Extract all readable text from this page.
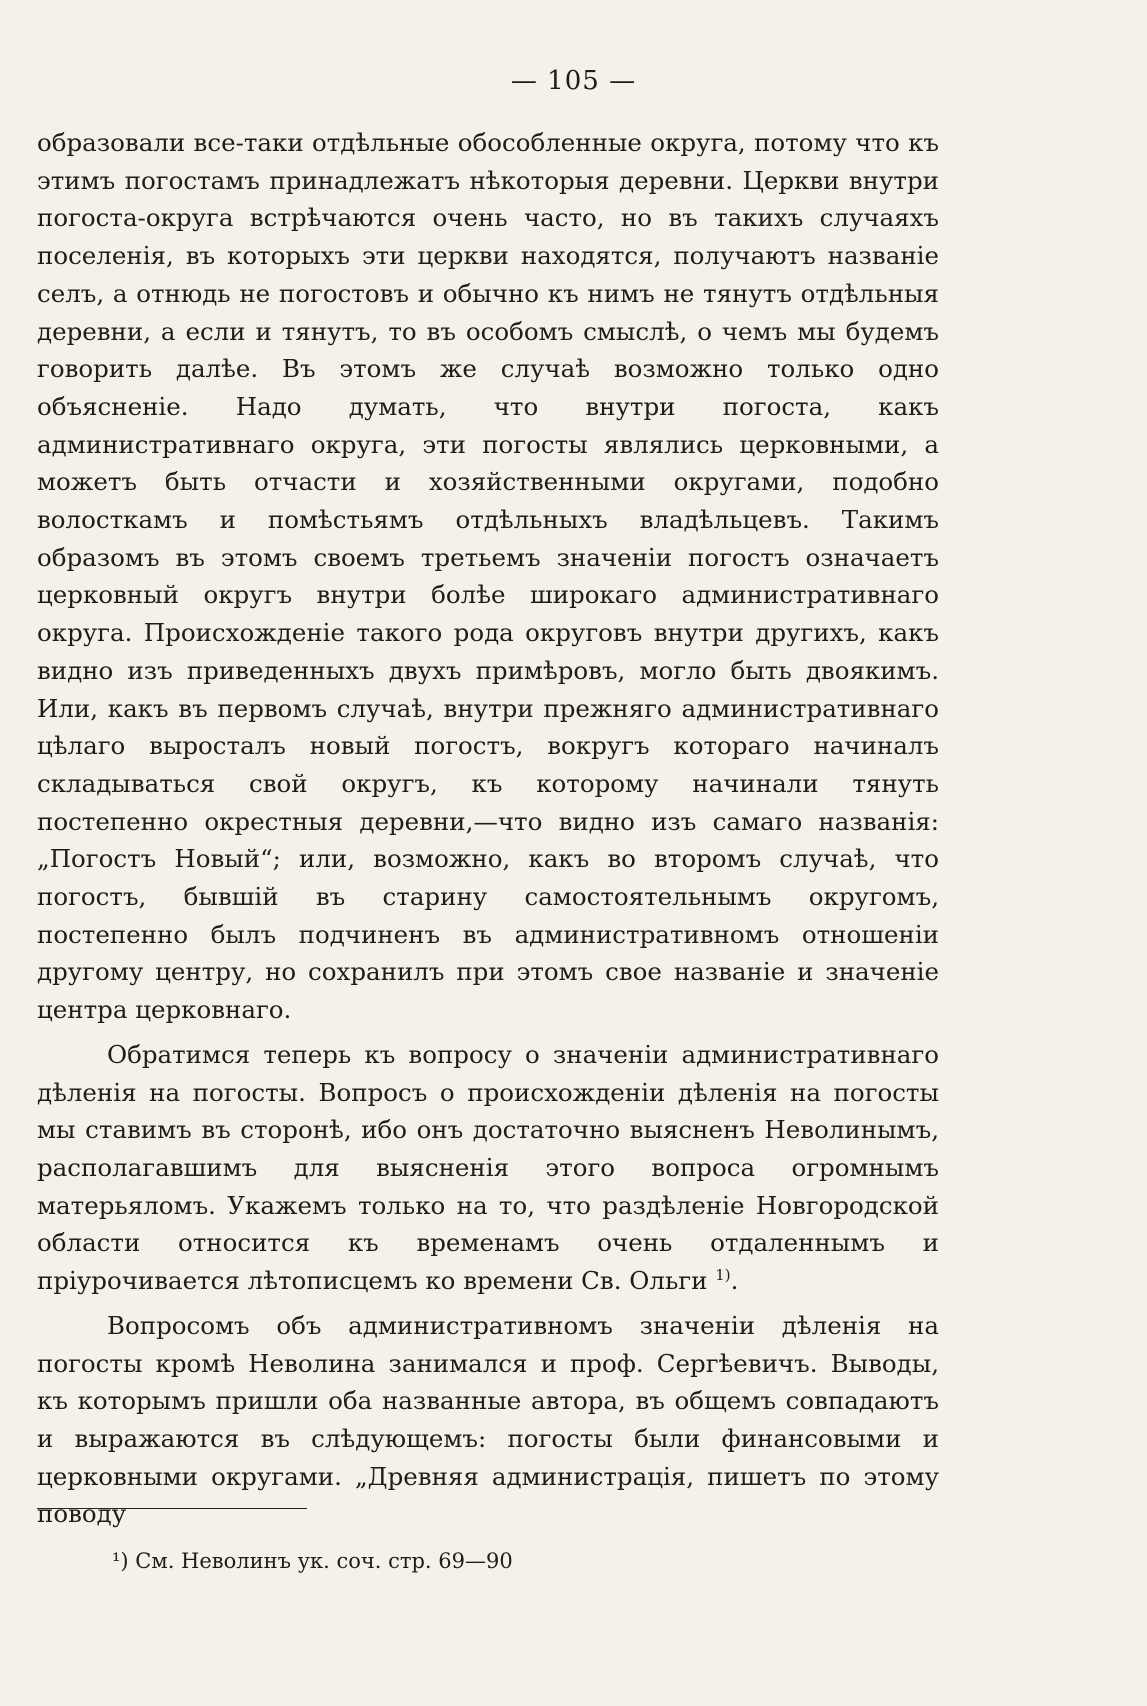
— 105 —

образовали все-таки отдѣльные обособленные округа, потому что къ этимъ погостамъ принадлежатъ нѣкоторыя деревни. Церкви внутри погоста-округа встрѣчаются очень часто, но въ такихъ случаяхъ поселенія, въ которыхъ эти церкви находятся, получаютъ названіе селъ, а отнюдь не погостовъ и обычно къ нимъ не тянутъ отдѣльныя деревни, а если и тянутъ, то въ особомъ смыслѣ, о чемъ мы будемъ говорить далѣе. Въ этомъ же случаѣ возможно только одно объясненіе. Надо думать, что внутри погоста, какъ административнаго округа, эти погосты являлись церковными, а можетъ быть отчасти и хозяйственными округами, подобно волосткамъ и помѣстьямъ отдѣльныхъ владѣльцевъ. Такимъ образомъ въ этомъ своемъ третьемъ значеніи погостъ означаетъ церковный округъ внутри болѣе широкаго административнаго округа. Происхожденіе такого рода округовъ внутри другихъ, какъ видно изъ приведенныхъ двухъ примѣровъ, могло быть двоякимъ. Или, какъ въ первомъ случаѣ, внутри прежняго административнаго цѣлаго выросталъ новый погостъ, вокругъ котораго начиналъ складываться свой округъ, къ которому начинали тянуть постепенно окрестныя деревни,—что видно изъ самаго названія: „Погостъ Новый“; или, возможно, какъ во второмъ случаѣ, что погостъ, бывшій въ старину самостоятельнымъ округомъ, постепенно былъ подчиненъ въ административномъ отношеніи другому центру, но сохранилъ при этомъ свое названіе и значеніе центра церковнаго.

Обратимся теперь къ вопросу о значеніи административнаго дѣленія на погосты. Вопросъ о происхожденіи дѣленія на погосты мы ставимъ въ сторонѣ, ибо онъ достаточно выясненъ Неволинымъ, располагавшимъ для выясненія этого вопроса огромнымъ матерьяломъ. Укажемъ только на то, что раздѣленіе Новгородской области относится къ временамъ очень отдаленнымъ и пріурочивается лѣтописцемъ ко времени Св. Ольги $^{1)}$.

Вопросомъ объ административномъ значеніи дѣленія на погосты кромѣ Неволина занимался и проф. Сергѣевичъ. Выводы, къ которымъ пришли оба названные автора, въ общемъ совпадаютъ и выражаются въ слѣдующемъ: погосты были финансовыми и церковными округами. „Древняя администрація, пишетъ по этому поводу

¹) См. Неволинъ ук. соч. стр. 69—90
